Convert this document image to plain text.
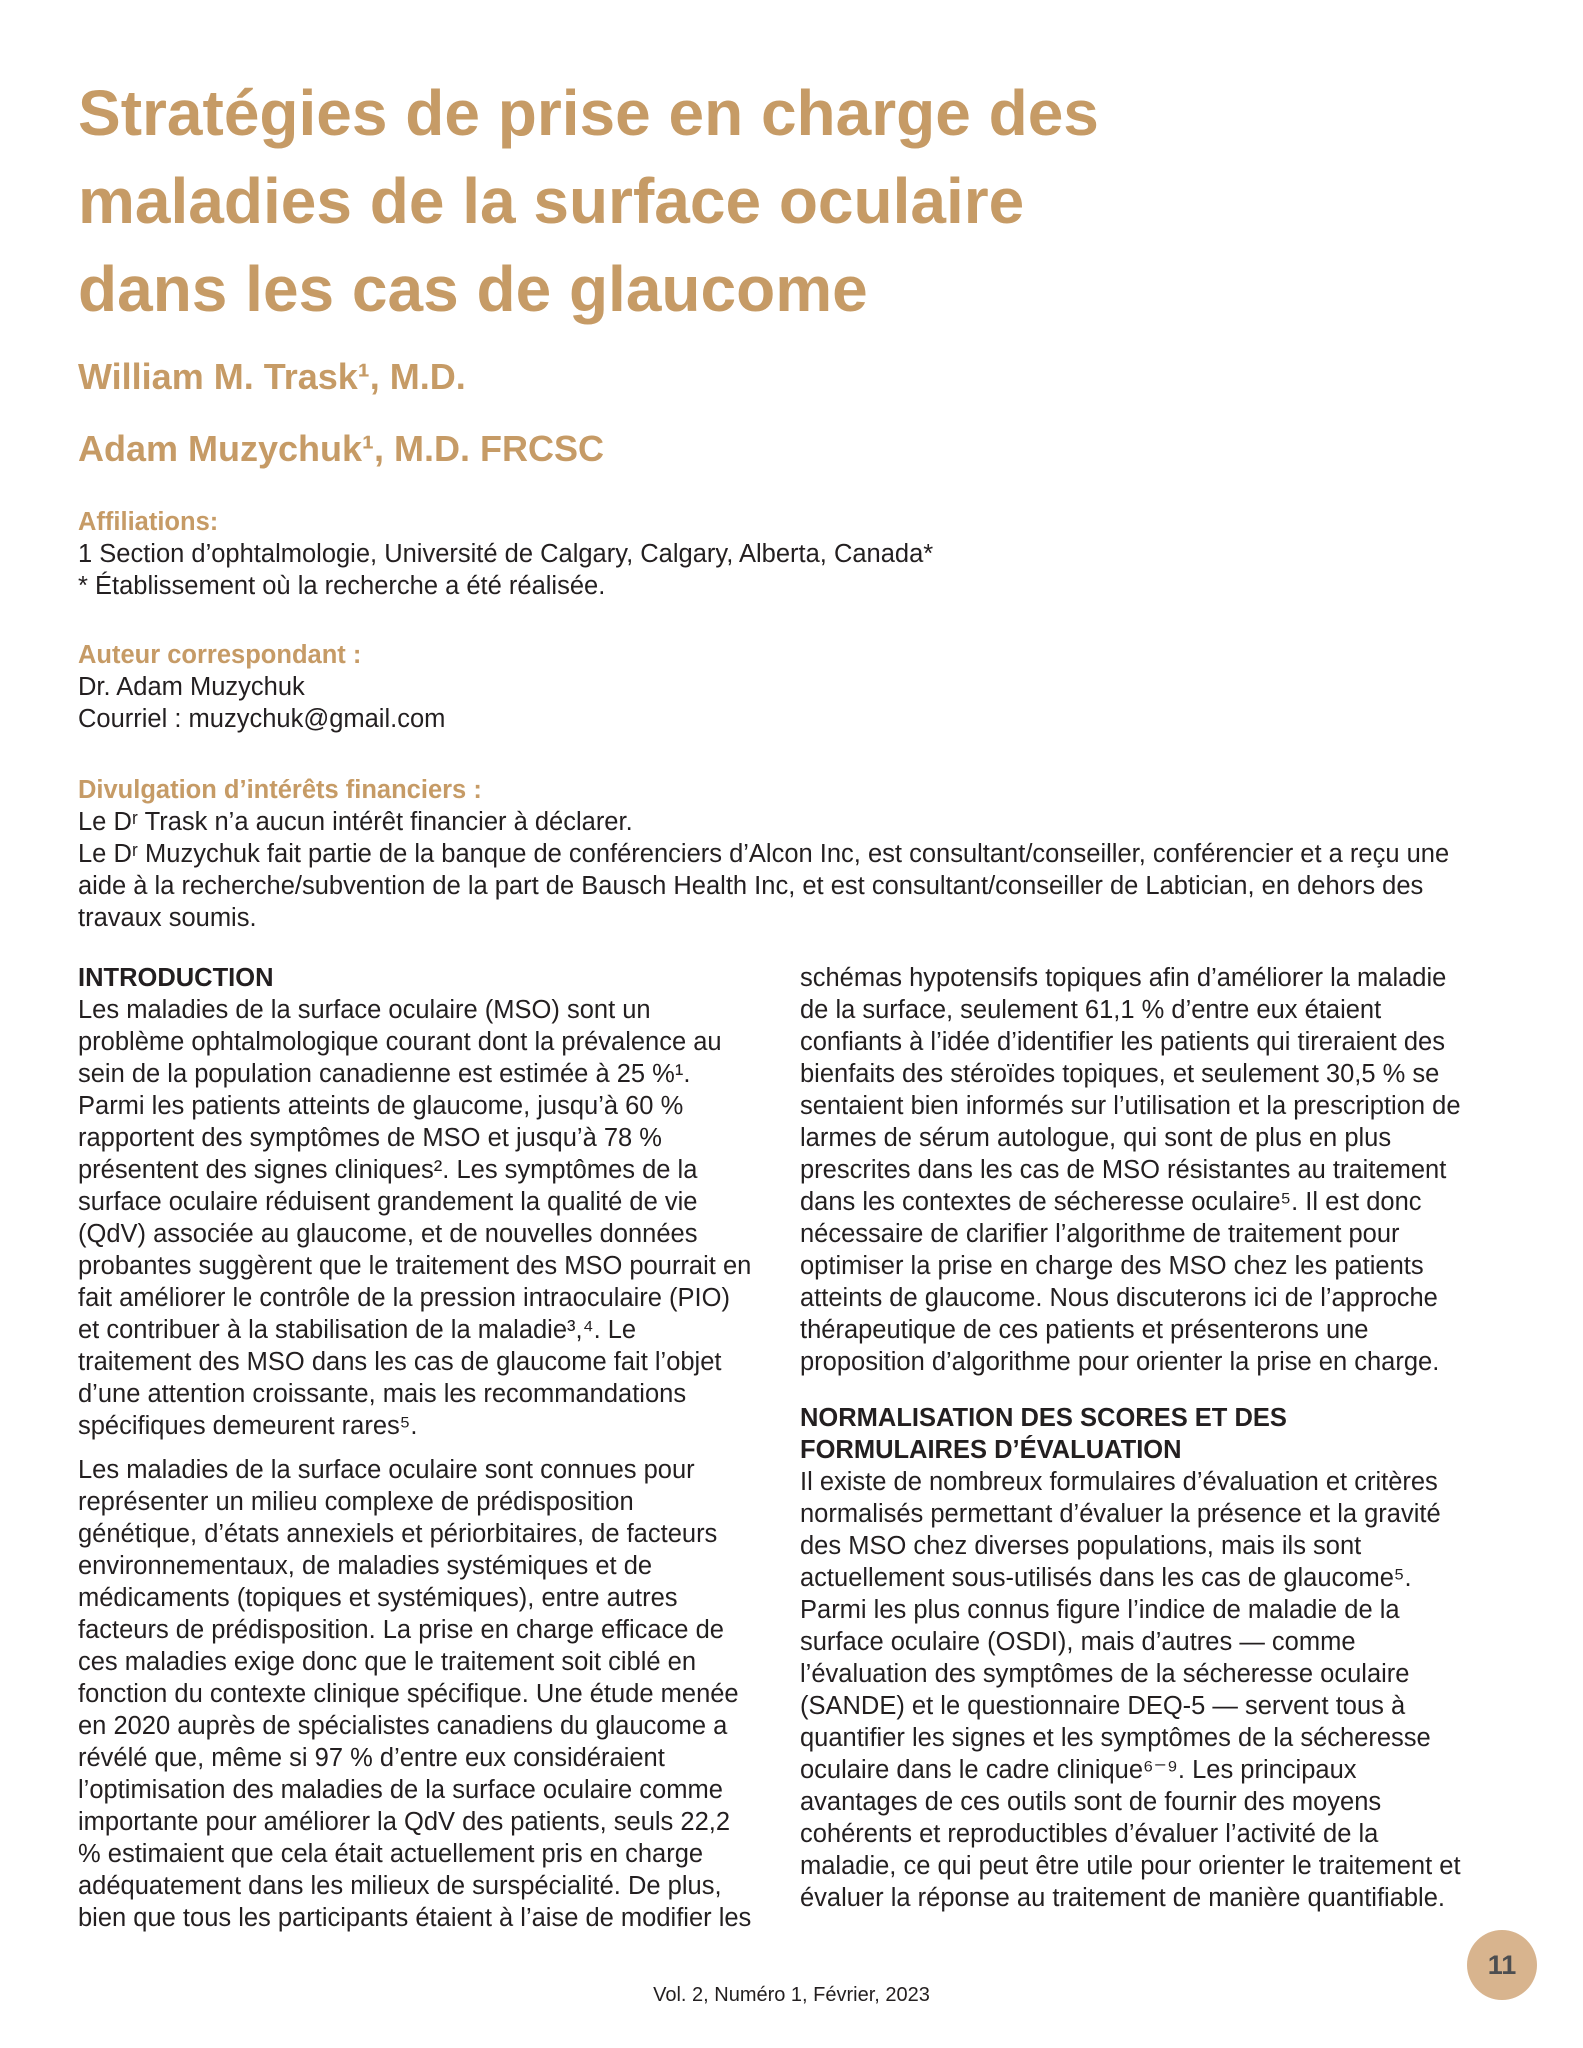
Stratégies de prise en charge des maladies de la surface oculaire dans les cas de glaucome
William M. Trask¹, M.D.
Adam Muzychuk¹, M.D. FRCSC
Affiliations:
1 Section d’ophtalmologie, Université de Calgary, Calgary, Alberta, Canada*
* Établissement où la recherche a été réalisée.
Auteur correspondant :
Dr. Adam Muzychuk
Courriel : muzychuk@gmail.com
Divulgation d’intérêts financiers :
Le Dʳ Trask n’a aucun intérêt financier à déclarer.
Le Dʳ Muzychuk fait partie de la banque de conférenciers d’Alcon Inc, est consultant/conseiller, conférencier et a reçu une aide à la recherche/subvention de la part de Bausch Health Inc, et est consultant/conseiller de Labtician, en dehors des travaux soumis.
INTRODUCTION

Les maladies de la surface oculaire (MSO) sont un problème ophtalmologique courant dont la prévalence au sein de la population canadienne est estimée à 25 %¹. Parmi les patients atteints de glaucome, jusqu’à 60 % rapportent des symptômes de MSO et jusqu’à 78 % présentent des signes cliniques². Les symptômes de la surface oculaire réduisent grandement la qualité de vie (QdV) associée au glaucome, et de nouvelles données probantes suggèrent que le traitement des MSO pourrait en fait améliorer le contrôle de la pression intraoculaire (PIO) et contribuer à la stabilisation de la maladie³,⁴. Le traitement des MSO dans les cas de glaucome fait l’objet d’une attention croissante, mais les recommandations spécifiques demeurent rares⁵.

Les maladies de la surface oculaire sont connues pour représenter un milieu complexe de prédisposition génétique, d’états annexiels et périorbitaires, de facteurs environnementaux, de maladies systémiques et de médicaments (topiques et systémiques), entre autres facteurs de prédisposition. La prise en charge efficace de ces maladies exige donc que le traitement soit ciblé en fonction du contexte clinique spécifique. Une étude menée en 2020 auprès de spécialistes canadiens du glaucome a révélé que, même si 97 % d’entre eux considéraient l’optimisation des maladies de la surface oculaire comme importante pour améliorer la QdV des patients, seuls 22,2 % estimaient que cela était actuellement pris en charge adéquatement dans les milieux de surspécialité. De plus, bien que tous les participants étaient à l’aise de modifier les

schémas hypotensifs topiques afin d’améliorer la maladie de la surface, seulement 61,1 % d’entre eux étaient confiants à l’idée d’identifier les patients qui tireraient des bienfaits des stéroïdes topiques, et seulement 30,5 % se sentaient bien informés sur l’utilisation et la prescription de larmes de sérum autologue, qui sont de plus en plus prescrites dans les cas de MSO résistantes au traitement dans les contextes de sécheresse oculaire⁵. Il est donc nécessaire de clarifier l’algorithme de traitement pour optimiser la prise en charge des MSO chez les patients atteints de glaucome. Nous discuterons ici de l’approche thérapeutique de ces patients et présenterons une proposition d’algorithme pour orienter la prise en charge.

NORMALISATION DES SCORES ET DES FORMULAIRES D’ÉVALUATION

Il existe de nombreux formulaires d’évaluation et critères normalisés permettant d’évaluer la présence et la gravité des MSO chez diverses populations, mais ils sont actuellement sous-utilisés dans les cas de glaucome⁵. Parmi les plus connus figure l’indice de maladie de la surface oculaire (OSDI), mais d’autres — comme l’évaluation des symptômes de la sécheresse oculaire (SANDE) et le questionnaire DEQ-5 — servent tous à quantifier les signes et les symptômes de la sécheresse oculaire dans le cadre clinique⁶⁻⁹. Les principaux avantages de ces outils sont de fournir des moyens cohérents et reproductibles d’évaluer l’activité de la maladie, ce qui peut être utile pour orienter le traitement et évaluer la réponse au traitement de manière quantifiable.

Vol. 2, Numéro 1, Février, 2023
11
